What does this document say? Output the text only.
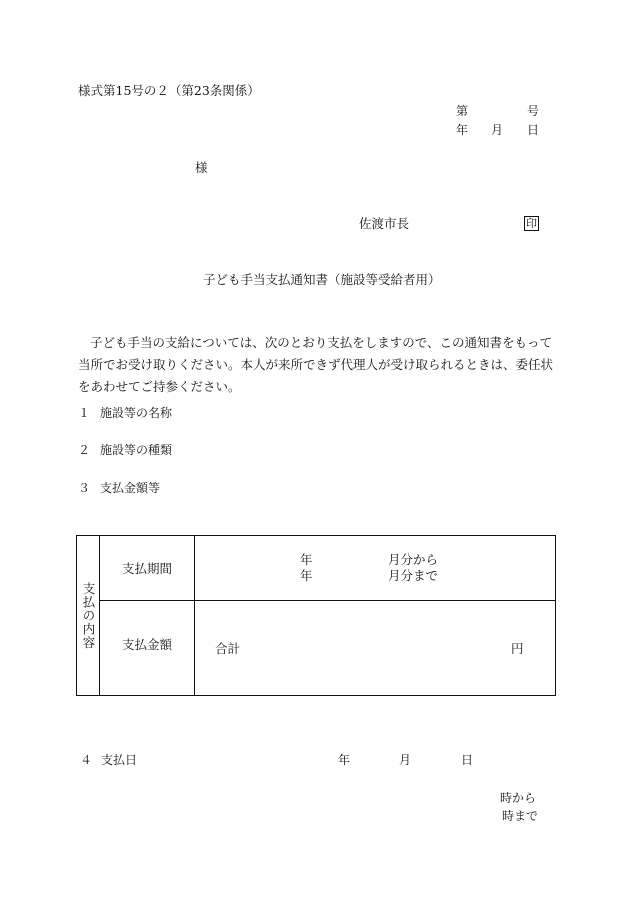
様式第15号の２（第23条関係）
第	号
年 月 日
様
佐渡市長	印
子ども手当支払通知書（施設等受給者用）
子ども手当の支給については、次のとおり支払をしますので、この通知書をもって当所でお受け取りください。本人が来所できず代理人が受け取られるときは、委任状をあわせてご持参ください。
１ 施設等の名称
２ 施設等の種類
３ 支払金額等
支払の内容	支払期間	年 月分から
年 月分まで

	支払金額	合計 円
４ 支払日	年	月	日
時から
時まで
